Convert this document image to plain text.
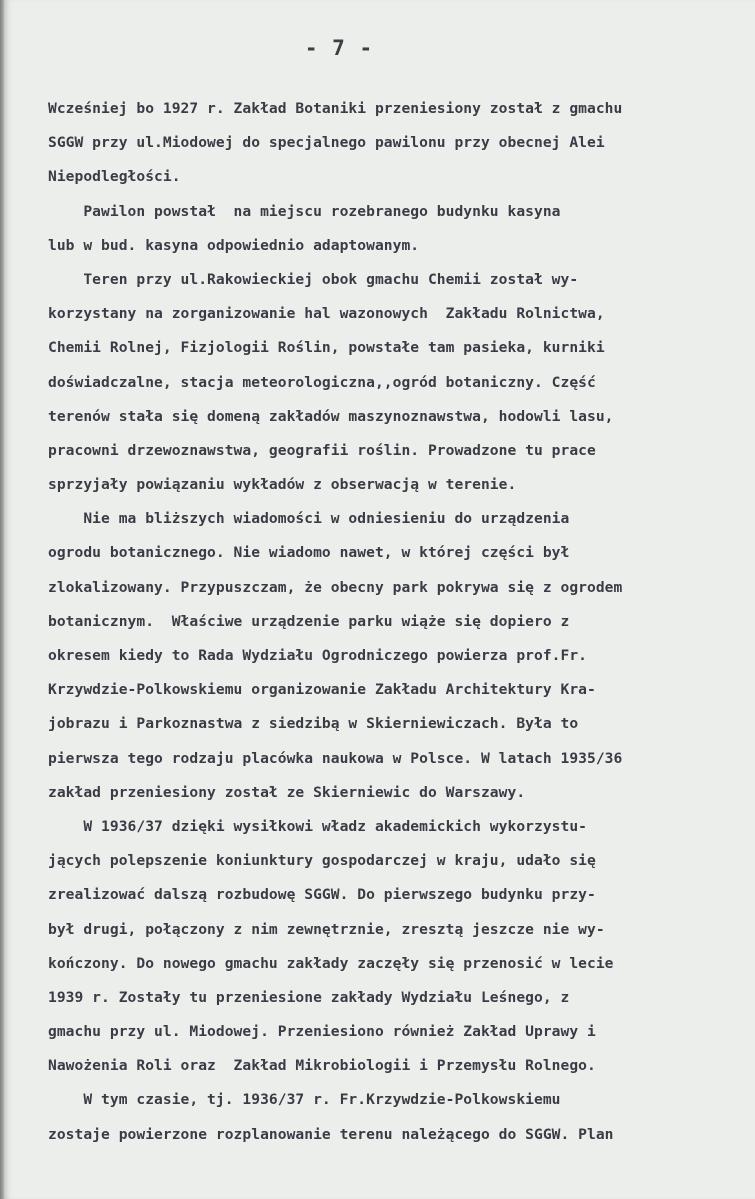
- 7 -
Wcześniej bo 1927 r. Zakład Botaniki przeniesiony został z gmachu
SGGW przy ul.Miodowej do specjalnego pawilonu przy obecnej Alei
Niepodległości.
Pawilon powstał  na miejscu rozebranego budynku kasyna
lub w bud. kasyna odpowiednio adaptowanym.
Teren przy ul.Rakowieckiej obok gmachu Chemii został wy-
korzystany na zorganizowanie hal wazonowych  Zakładu Rolnictwa,
Chemii Rolnej, Fizjologii Roślin, powstałe tam pasieka, kurniki
doświadczalne, stacja meteorologiczna,,ogród botaniczny. Część
terenów stała się domeną zakładów maszynoznawstwa, hodowli lasu,
pracowni drzewoznawstwa, geografii roślin. Prowadzone tu prace
sprzyjały powiązaniu wykładów z obserwacją w terenie.
Nie ma bliższych wiadomości w odniesieniu do urządzenia
ogrodu botanicznego. Nie wiadomo nawet, w której części był
zlokalizowany. Przypuszczam, że obecny park pokrywa się z ogrodem
botanicznym.  Właściwe urządzenie parku wiąże się dopiero z
okresem kiedy to Rada Wydziału Ogrodniczego powierza prof.Fr.
Krzywdzie-Polkowskiemu organizowanie Zakładu Architektury Kra-
jobrazu i Parkoznastwa z siedzibą w Skierniewiczach. Była to
pierwsza tego rodzaju placówka naukowa w Polsce. W latach 1935/36
zakład przeniesiony został ze Skierniewic do Warszawy.
W 1936/37 dzięki wysiłkowi władz akademickich wykorzystu-
jących polepszenie koniunktury gospodarczej w kraju, udało się
zrealizować dalszą rozbudowę SGGW. Do pierwszego budynku przy-
był drugi, połączony z nim zewnętrznie, zresztą jeszcze nie wy-
kończony. Do nowego gmachu zakłady zaczęły się przenosić w lecie
1939 r. Zostały tu przeniesione zakłady Wydziału Leśnego, z
gmachu przy ul. Miodowej. Przeniesiono również Zakład Uprawy i
Nawożenia Roli oraz  Zakład Mikrobiologii i Przemysłu Rolnego.
W tym czasie, tj. 1936/37 r. Fr.Krzywdzie-Polkowskiemu
zostaje powierzone rozplanowanie terenu należącego do SGGW. Plan
